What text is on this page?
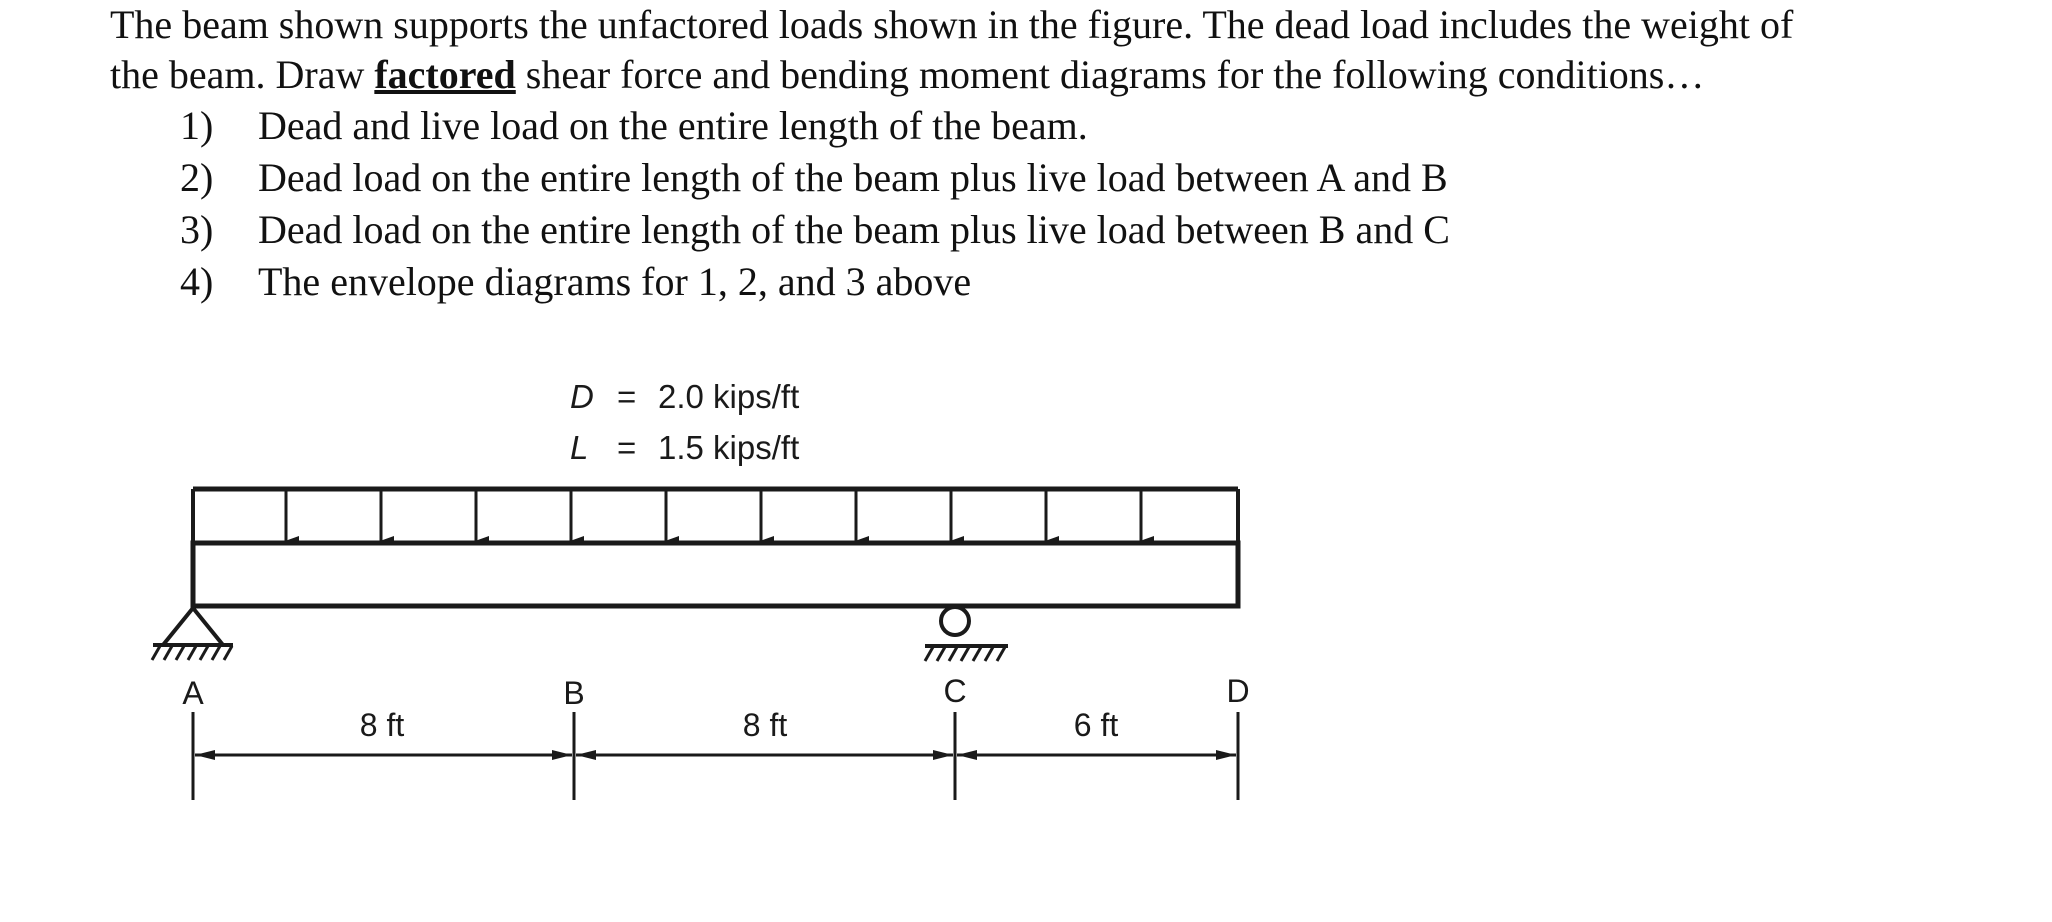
The beam shown supports the unfactored loads shown in the figure. The dead load includes the weight of
the beam. Draw factored shear force and bending moment diagrams for the following conditions…
1) Dead and live load on the entire length of the beam.
2) Dead load on the entire length of the beam plus live load between A and B
3) Dead load on the entire length of the beam plus live load between B and C
4) The envelope diagrams for 1, 2, and 3 above
D = 2.0 kips/ft
L = 1.5 kips/ft
A	B	C	D
8 ft	8 ft	6 ft
